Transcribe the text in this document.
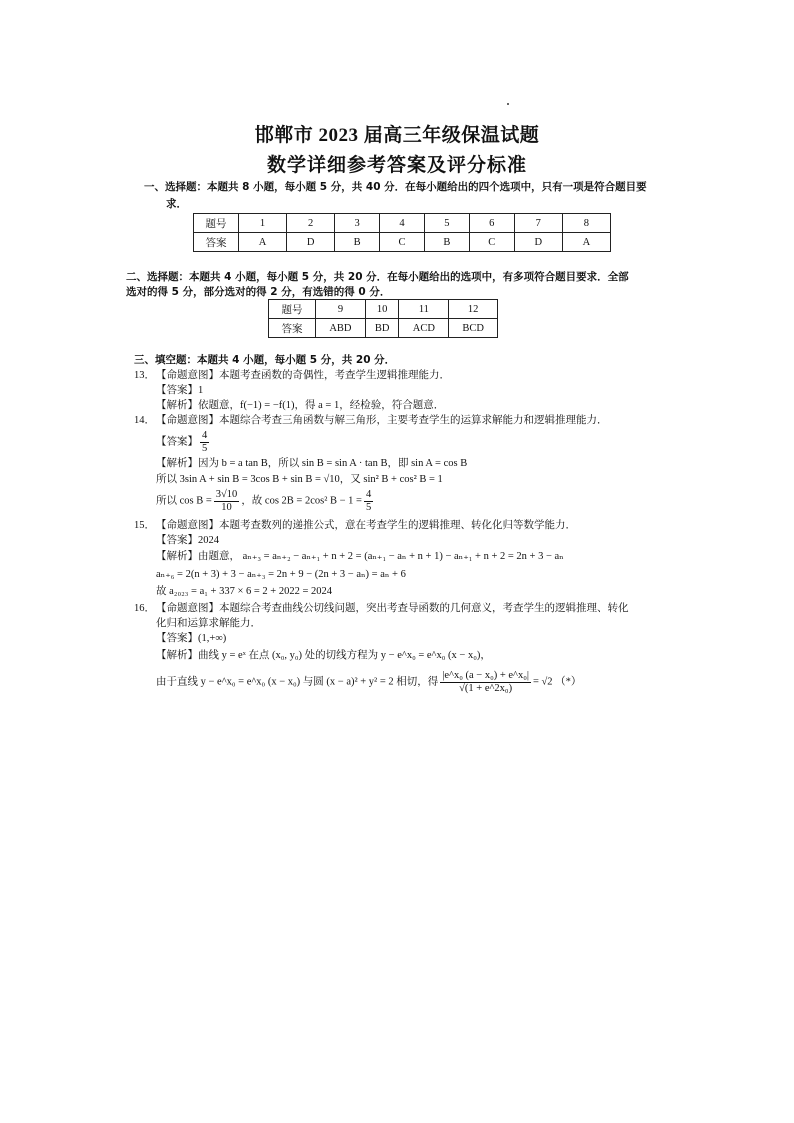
邯郸市 2023 届高三年级保温试题
数学详细参考答案及评分标准
一、选择题：本题共 8 小题，每小题 5 分，共 40 分．在每小题给出的四个选项中，只有一项是符合题目要
求．
题号	1	2	3	4	5	6	7	8
答案	A	D	B	C	B	C	D	A
二、选择题：本题共 4 小题，每小题 5 分，共 20 分．在每小题给出的选项中，有多项符合题目要求．全部
选对的得 5 分，部分选对的得 2 分，有选错的得 0 分．
题号	9	10	11	12
答案	ABD	BD	ACD	BCD
三、填空题：本题共 4 小题，每小题 5 分，共 20 分．
13． 【命题意图】本题考查函数的奇偶性，考查学生逻辑推理能力．
【答案】1
【解析】依题意，f(−1) = −f(1)，得 a = 1，经检验，符合题意．
14． 【命题意图】本题综合考查三角函数与解三角形，主要考查学生的运算求解能力和逻辑推理能力．
【答案】 $\frac{4}{5}$
【解析】因为 b = a tan B，所以 sin B = sin A · tan B，即 sin A = cos B
所以 3sin A + sin B = 3cos B + sin B = √10，又 sin² B + cos² B = 1
所以 $\cos B = \frac{3√10}{10}$ ，故 cos 2B = 2cos² $B - 1 = \frac{4}{5}$
15． 【命题意图】本题考查数列的递推公式，意在考查学生的逻辑推理、转化化归等数学能力．
【答案】2024
【解析】由题意， aₙ₊₃ = aₙ₊₂ − aₙ₊₁ + n + 2 = (aₙ₊₁ − aₙ + n + 1) − aₙ₊₁ + n + 2 = 2n + 3 − aₙ
aₙ₊₆ = 2(n + 3) + 3 − aₙ₊₃ = 2n + 9 − (2n + 3 − aₙ) = aₙ + 6
故 a₂₀₂₃ = a₁ + 337 × 6 = 2 + 2022 = 2024
16． 【命题意图】本题综合考查曲线公切线问题，突出考查导函数的几何意义，考查学生的逻辑推理、转化
化归和运算求解能力．
【答案】(1,+∞)
【解析】曲线 y = eˣ 在点 (x₀, y₀) 处的切线方程为 y − e^x₀ = e^x₀ (x − x₀)，
由于直线 y − e^x₀ = e^x₀ (x − x₀) 与圆 (x − a)² + y² = 2 相切，得 $\frac{\text{|e\textasciicircum{}x₀ (a − x₀) + e\textasciicircum{}x₀|}}{\text{√(1 + e\textasciicircum{}2x₀)}} = √2$ （*）
